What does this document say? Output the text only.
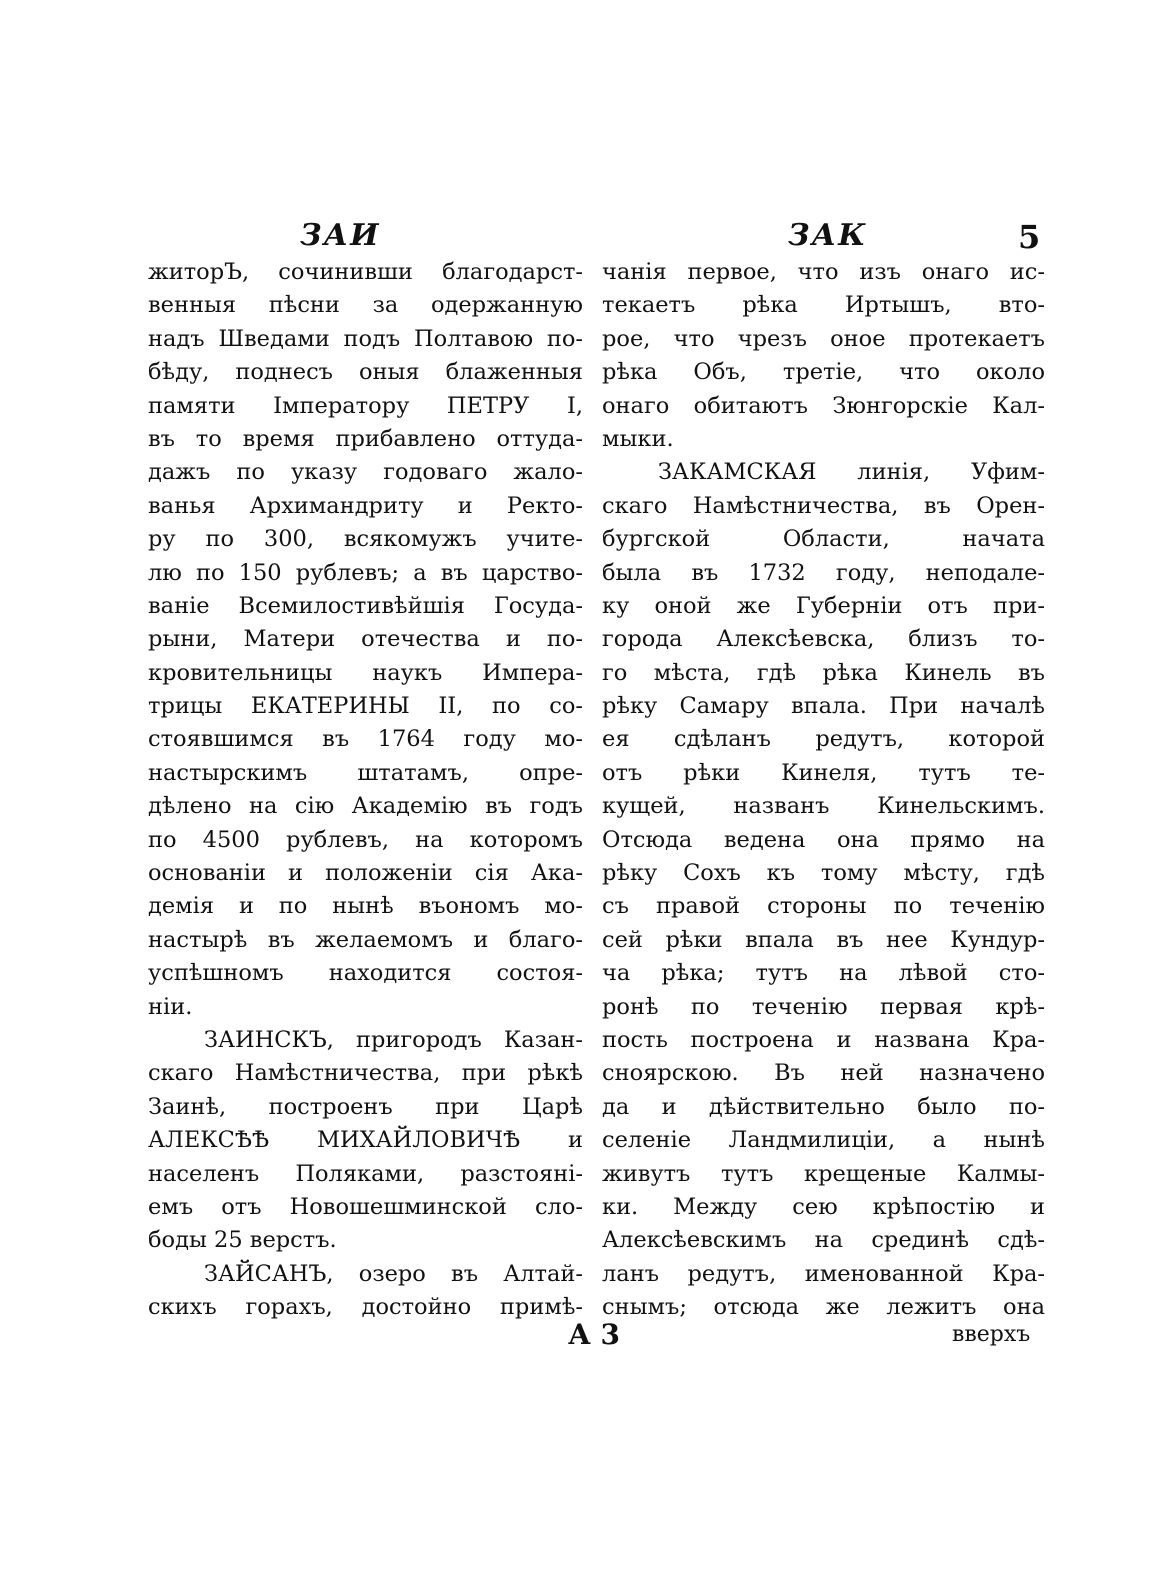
ЗАИ	ЗАК	5
житорЪ, сочинивши благодарст-
венныя пѣсни за одержанную
надъ Шведами подъ Полтавою по-
бѣду, поднесъ оныя блаженныя
памяти Імператору ПЕТРУ I,
въ то время прибавлено оттуда-
дажъ по указу годоваго жало-
ванья Архимандриту и Ректо-
ру по 300, всякомужъ учите-
лю по 150 рублевъ; а въ царство-
ваніе Всемилостивѣйшія Госуда-
рыни, Матери отечества и по-
кровительницы наукъ Импера-
трицы ЕКАТЕРИНЫ II, по со-
стоявшимся въ 1764 году мо-
настырскимъ штатамъ, опре-
дѣлено на сію Академію въ годъ
по 4500 рублевъ, на которомъ
основаніи и положеніи сія Ака-
демія и по нынѣ въономъ мо-
настырѣ въ желаемомъ и благо-
успѣшномъ находится состоя-
ніи.
ЗАИНСКЪ, пригородъ Казан-
скаго Намѣстничества, при рѣкѣ
Заинѣ, построенъ при Царѣ
АЛЕКСѢѢ МИХАЙЛОВИЧѢ и
населенъ Поляками, разстояні-
емъ отъ Новошешминской сло-
боды 25 верстъ.
ЗАЙСАНЪ, озеро въ Алтай-
скихъ горахъ, достойно примѣ-
чанія первое, что изъ онаго ис-
текаетъ рѣка Иртышъ, вто-
рое, что чрезъ оное протекаетъ
рѣка Объ, третіе, что около
онаго обитаютъ Зюнгорскіе Кал-
мыки.
ЗАКАМСКАЯ линія, Уфим-
скаго Намѣстничества, въ Орен-
бургской Области, начата
была въ 1732 году, неподале-
ку оной же Губерніи отъ при-
города Алексѣевска, близъ то-
го мѣста, гдѣ рѣка Кинель въ
рѣку Самару впала. При началѣ
ея сдѣланъ редутъ, которой
отъ рѣки Кинеля, тутъ те-
кущей, названъ Кинельскимъ.
Отсюда ведена она прямо на
рѣку Сохъ къ тому мѣсту, гдѣ
съ правой стороны по теченію
сей рѣки впала въ нее Кундур-
ча рѣка; тутъ на лѣвой сто-
ронѣ по теченію первая крѣ-
пость построена и названа Кра-
сноярскою. Въ ней назначено
да и дѣйствительно было по-
селеніе Ландмилиціи, а нынѣ
живутъ тутъ крещеные Калмы-
ки. Между сею крѣпостію и
Алексѣевскимъ на срединѣ сдѣ-
ланъ редутъ, именованной Кра-
снымъ; отсюда же лежитъ она
А 3	вверхъ
